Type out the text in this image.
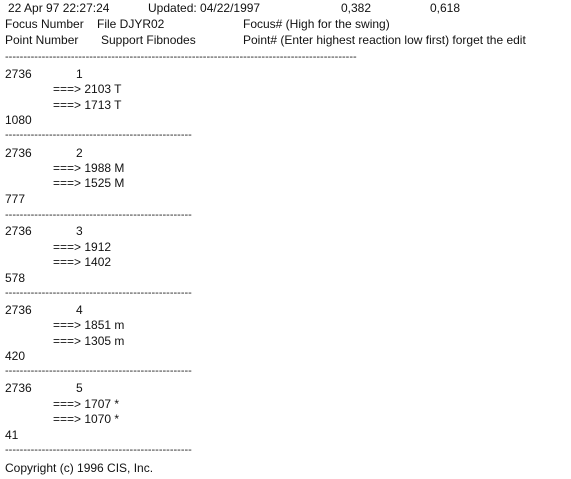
22 Apr 97 22:27:24	Updated: 04/22/1997	0,382	0,618
Focus Number File DJYR02	Focus# (High for the swing)
Point Number Support Fibnodes	Point# (Enter highest reaction low first) forget the edit
------------------------------------------------------------------------------------------------
2736	1
===> 2103 T
===> 1713 T
1080
---------------------------------------------------
2736	2
===> 1988 M
===> 1525 M
777
---------------------------------------------------
2736	3
===> 1912
===> 1402
578
---------------------------------------------------
2736	4
===> 1851 m
===> 1305 m
420
---------------------------------------------------
2736	5
===> 1707 *
===> 1070 *
41
---------------------------------------------------
Copyright (c) 1996 CIS, Inc.
